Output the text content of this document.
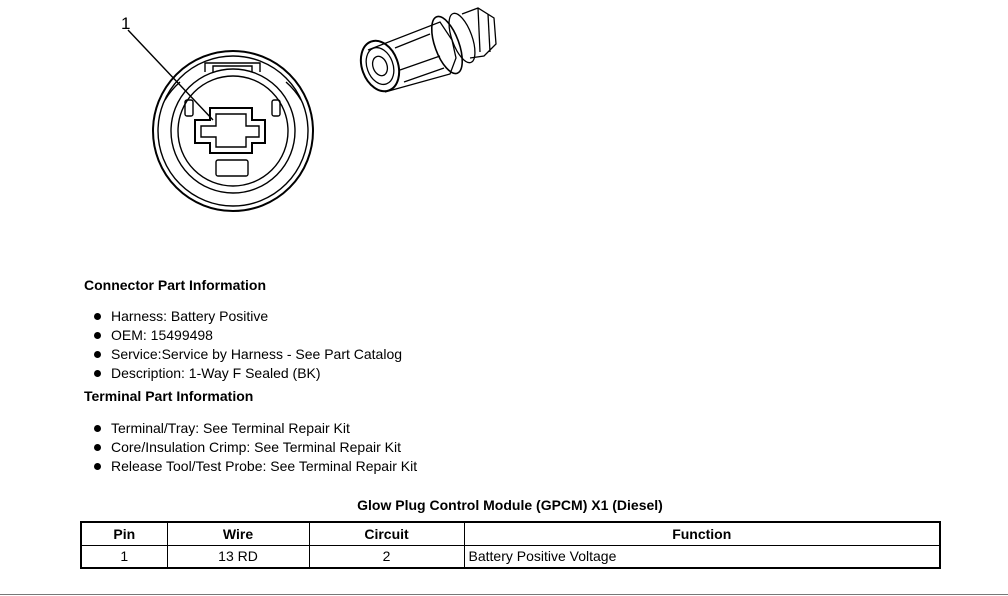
1
Connector Part Information
Harness: Battery Positive
OEM: 15499498
Service:Service by Harness - See Part Catalog
Description: 1-Way F Sealed (BK)
Terminal Part Information
Terminal/Tray: See Terminal Repair Kit
Core/Insulation Crimp: See Terminal Repair Kit
Release Tool/Test Probe: See Terminal Repair Kit
Glow Plug Control Module (GPCM) X1 (Diesel)
Pin	Wire	Circuit	Function
1	13 RD	2	Battery Positive Voltage
